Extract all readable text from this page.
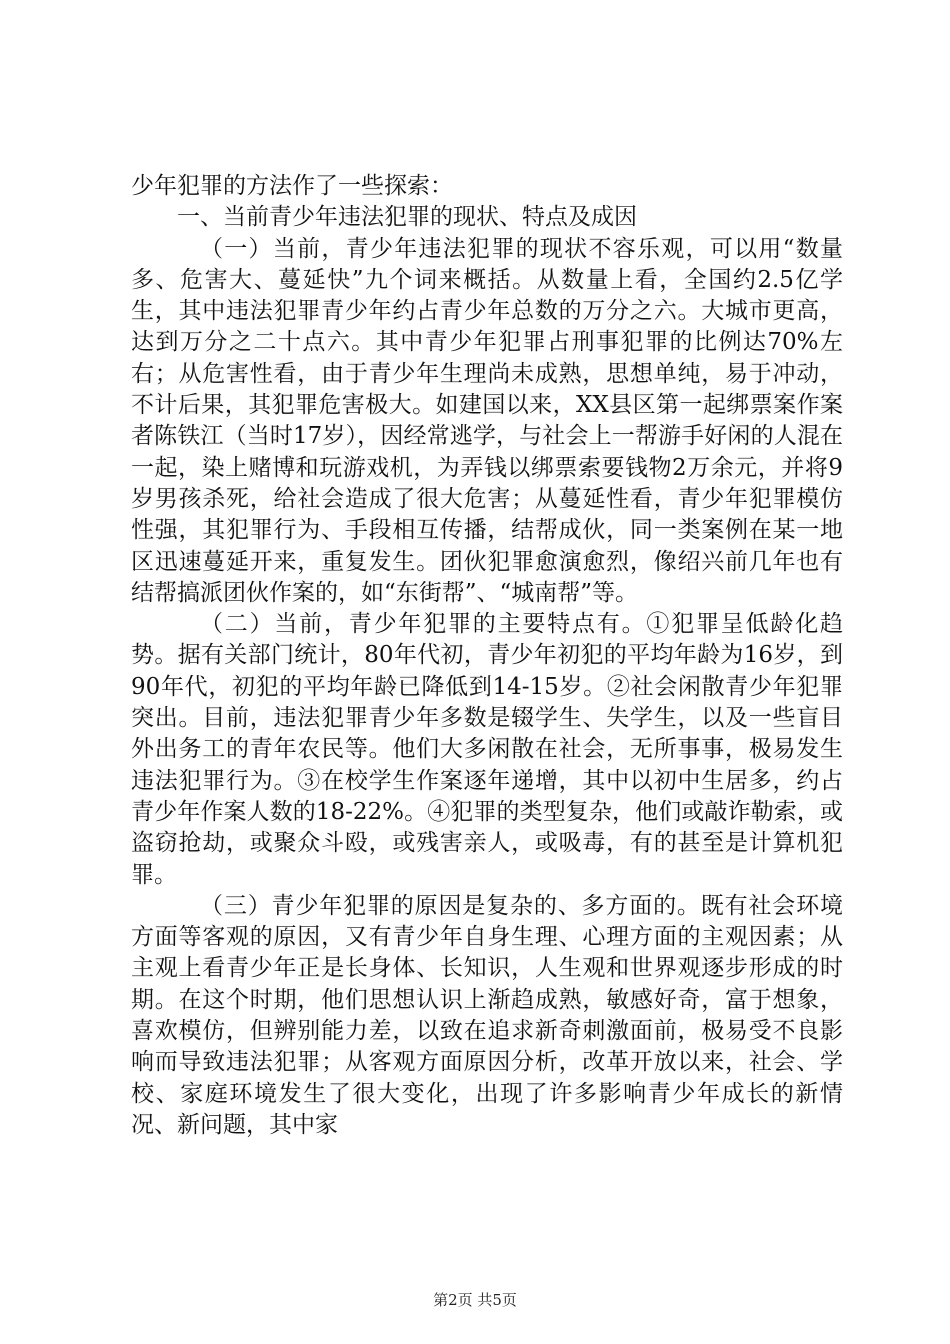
少年犯罪的方法作了一些探索：

一、当前青少年违法犯罪的现状、特点及成因

（一）当前，青少年违法犯罪的现状不容乐观，可以用“数量多、危害大、蔓延快”九个词来概括。从数量上看，全国约2.5亿学生，其中违法犯罪青少年约占青少年总数的万分之六。大城市更高，达到万分之二十点六。其中青少年犯罪占刑事犯罪的比例达70%左右；从危害性看，由于青少年生理尚未成熟，思想单纯，易于冲动，不计后果，其犯罪危害极大。如建国以来，XX县区第一起绑票案作案者陈铁江（当时17岁），因经常逃学，与社会上一帮游手好闲的人混在一起，染上赌博和玩游戏机，为弄钱以绑票索要钱物2万余元，并将9岁男孩杀死，给社会造成了很大危害；从蔓延性看，青少年犯罪模仿性强，其犯罪行为、手段相互传播，结帮成伙，同一类案例在某一地区迅速蔓延开来，重复发生。团伙犯罪愈演愈烈，像绍兴前几年也有结帮搞派团伙作案的，如“东街帮”、“城南帮”等。

（二）当前，青少年犯罪的主要特点有。①犯罪呈低龄化趋势。据有关部门统计，80年代初，青少年初犯的平均年龄为16岁，到90年代，初犯的平均年龄已降低到14-15岁。②社会闲散青少年犯罪突出。目前，违法犯罪青少年多数是辍学生、失学生，以及一些盲目外出务工的青年农民等。他们大多闲散在社会，无所事事，极易发生违法犯罪行为。③在校学生作案逐年递增，其中以初中生居多，约占青少年作案人数的18-22%。④犯罪的类型复杂，他们或敲诈勒索，或盗窃抢劫，或聚众斗殴，或残害亲人，或吸毒，有的甚至是计算机犯罪。

（三）青少年犯罪的原因是复杂的、多方面的。既有社会环境方面等客观的原因，又有青少年自身生理、心理方面的主观因素；从主观上看青少年正是长身体、长知识，人生观和世界观逐步形成的时期。在这个时期，他们思想认识上渐趋成熟，敏感好奇，富于想象，喜欢模仿，但辨别能力差，以致在追求新奇刺激面前，极易受不良影响而导致违法犯罪；从客观方面原因分析，改革开放以来，社会、学校、家庭环境发生了很大变化，出现了许多影响青少年成长的新情况、新问题，其中家

第2页 共5页
